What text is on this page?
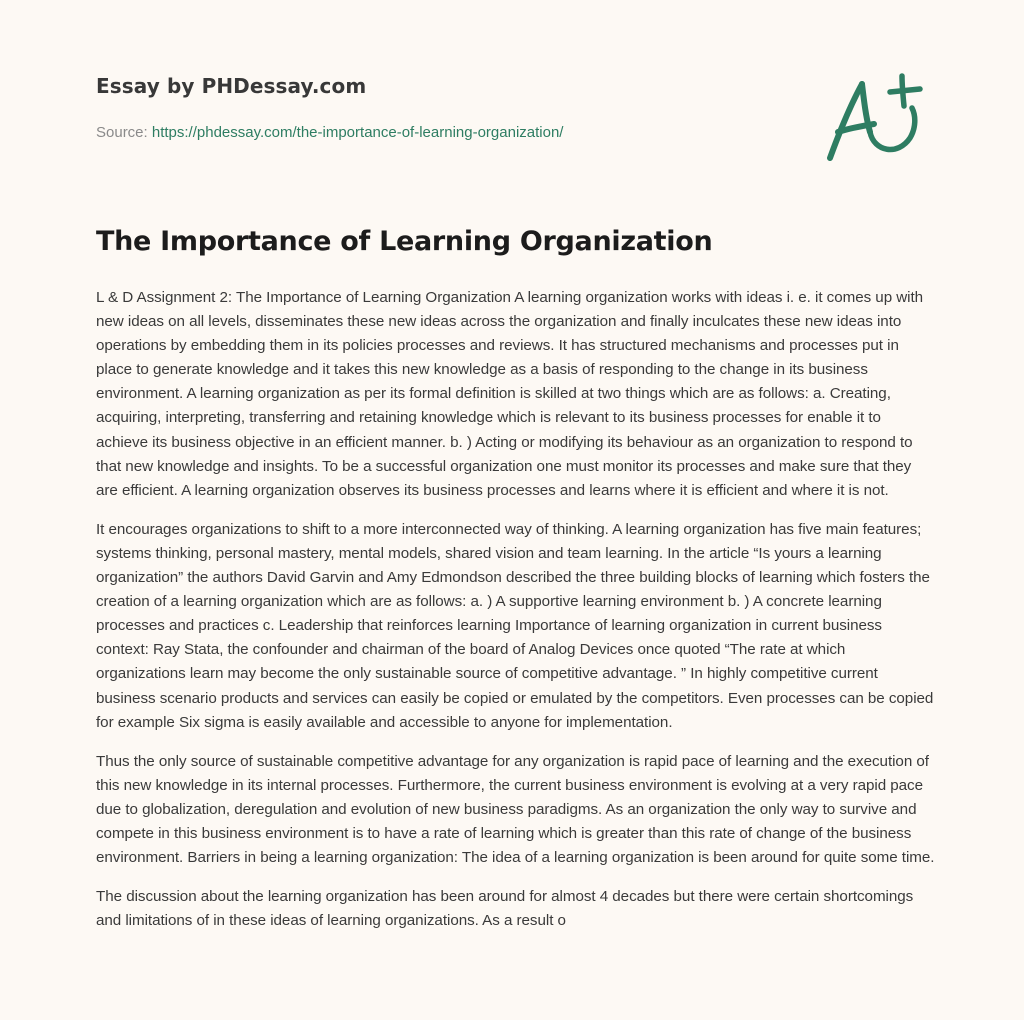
Essay by PHDessay.com
Source: https://phdessay.com/the-importance-of-learning-organization/
The Importance of Learning Organization

L & D Assignment 2: The Importance of Learning Organization A learning organization works with ideas i. e. it comes up with new ideas on all levels, disseminates these new ideas across the organization and finally inculcates these new ideas into operations by embedding them in its policies processes and reviews. It has structured mechanisms and processes put in place to generate knowledge and it takes this new knowledge as a basis of responding to the change in its business environment. A learning organization as per its formal definition is skilled at two things which are as follows: a. Creating, acquiring, interpreting, transferring and retaining knowledge which is relevant to its business processes for enable it to achieve its business objective in an efficient manner. b. ) Acting or modifying its behaviour as an organization to respond to that new knowledge and insights. To be a successful organization one must monitor its processes and make sure that they are efficient. A learning organization observes its business processes and learns where it is efficient and where it is not.

It encourages organizations to shift to a more interconnected way of thinking. A learning organization has five main features; systems thinking, personal mastery, mental models, shared vision and team learning. In the article “Is yours a learning organization” the authors David Garvin and Amy Edmondson described the three building blocks of learning which fosters the creation of a learning organization which are as follows: a. ) A supportive learning environment b. ) A concrete learning processes and practices c. Leadership that reinforces learning Importance of learning organization in current business context: Ray Stata, the confounder and chairman of the board of Analog Devices once quoted “The rate at which organizations learn may become the only sustainable source of competitive advantage. ” In highly competitive current business scenario products and services can easily be copied or emulated by the competitors. Even processes can be copied for example Six sigma is easily available and accessible to anyone for implementation.

Thus the only source of sustainable competitive advantage for any organization is rapid pace of learning and the execution of this new knowledge in its internal processes. Furthermore, the current business environment is evolving at a very rapid pace due to globalization, deregulation and evolution of new business paradigms. As an organization the only way to survive and compete in this business environment is to have a rate of learning which is greater than this rate of change of the business environment. Barriers in being a learning organization: The idea of a learning organization is been around for quite some time.

The discussion about the learning organization has been around for almost 4 decades but there were certain shortcomings and limitations of in these ideas of learning organizations. As a result o
